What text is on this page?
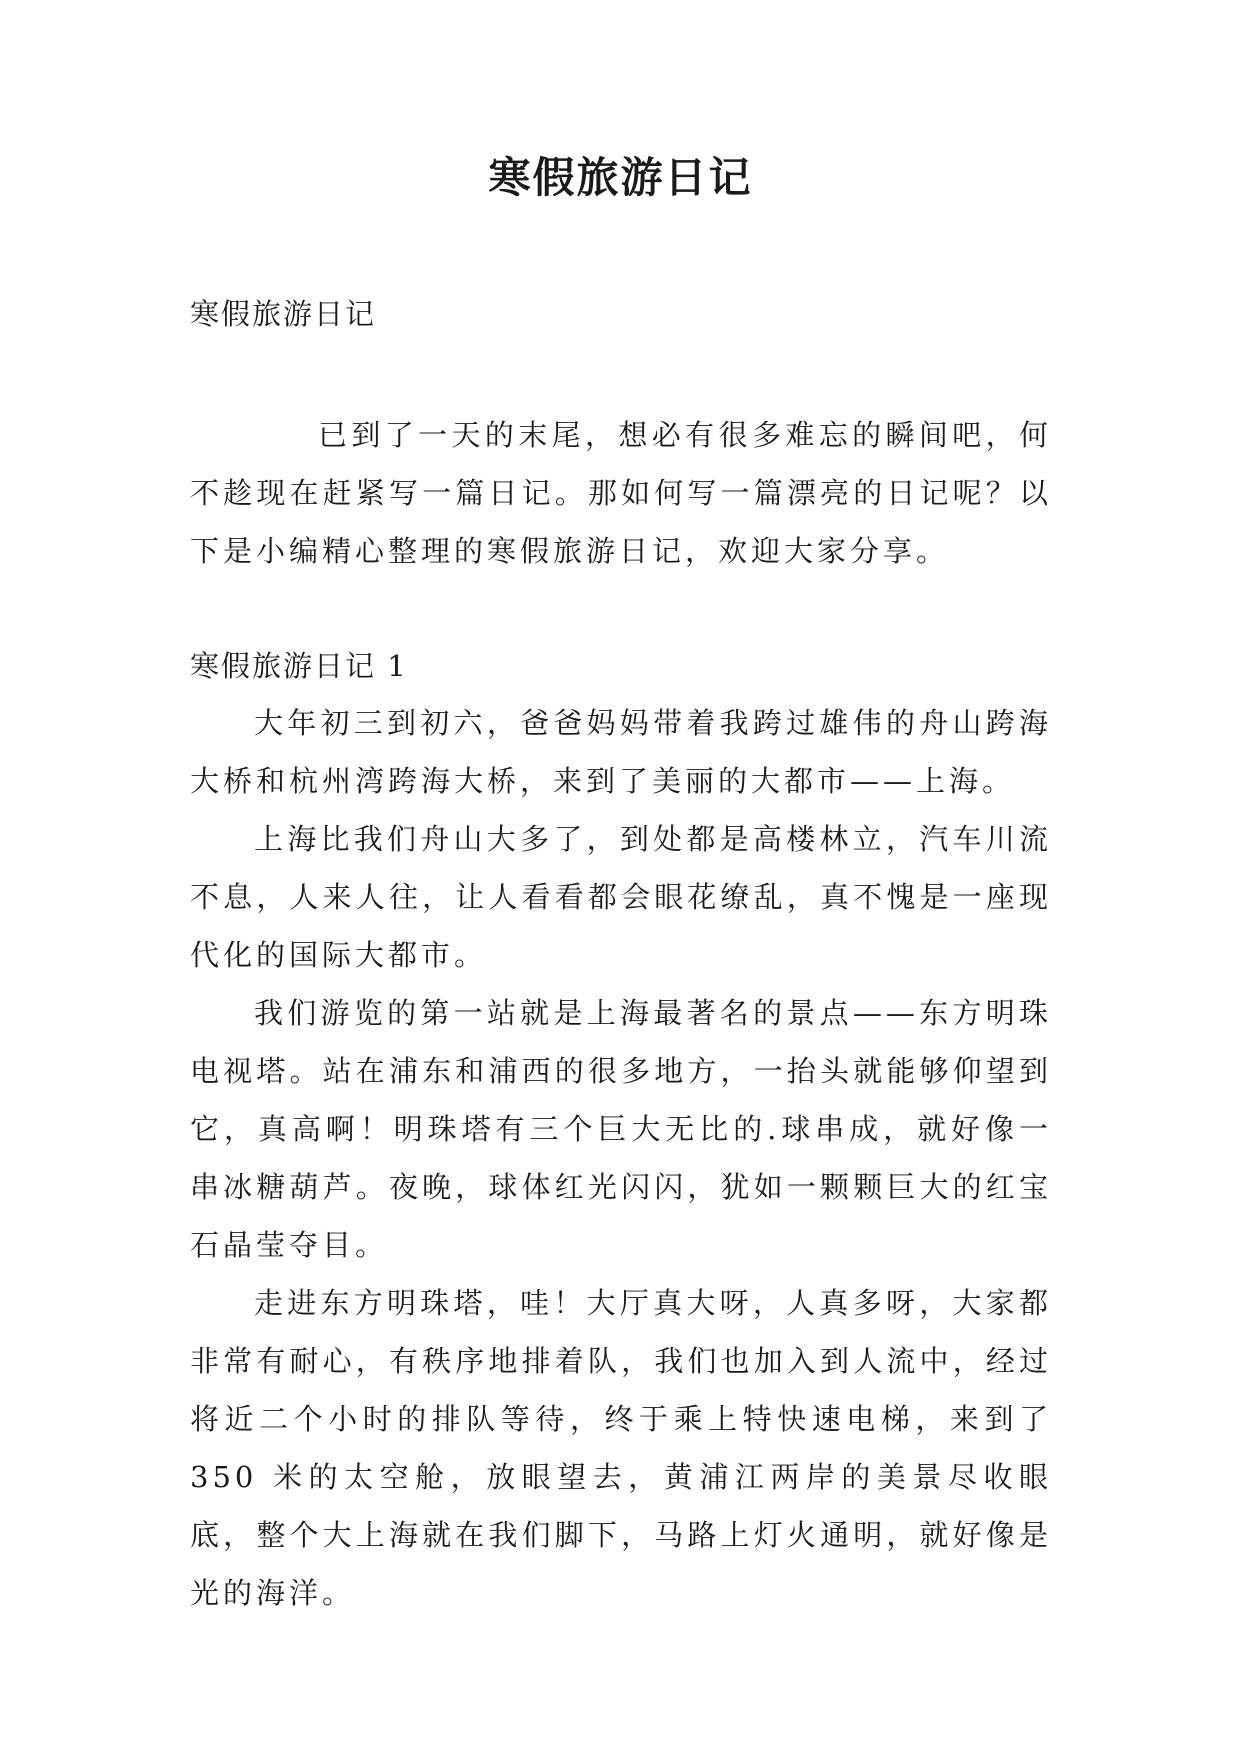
寒假旅游日记
寒假旅游日记
已到了一天的末尾，想必有很多难忘的瞬间吧，何不趁现在赶紧写一篇日记。那如何写一篇漂亮的日记呢？以下是小编精心整理的寒假旅游日记，欢迎大家分享。
寒假旅游日记 1

大年初三到初六，爸爸妈妈带着我跨过雄伟的舟山跨海大桥和杭州湾跨海大桥，来到了美丽的大都市——上海。

上海比我们舟山大多了，到处都是高楼林立，汽车川流不息，人来人往，让人看看都会眼花缭乱，真不愧是一座现代化的国际大都市。

我们游览的第一站就是上海最著名的景点——东方明珠电视塔。站在浦东和浦西的很多地方，一抬头就能够仰望到它，真高啊！明珠塔有三个巨大无比的.球串成，就好像一串冰糖葫芦。夜晚，球体红光闪闪，犹如一颗颗巨大的红宝石晶莹夺目。

走进东方明珠塔，哇！大厅真大呀，人真多呀，大家都非常有耐心，有秩序地排着队，我们也加入到人流中，经过将近二个小时的排队等待，终于乘上特快速电梯，来到了 350 米的太空舱，放眼望去，黄浦江两岸的美景尽收眼底，整个大上海就在我们脚下，马路上灯火通明，就好像是光的海洋。
